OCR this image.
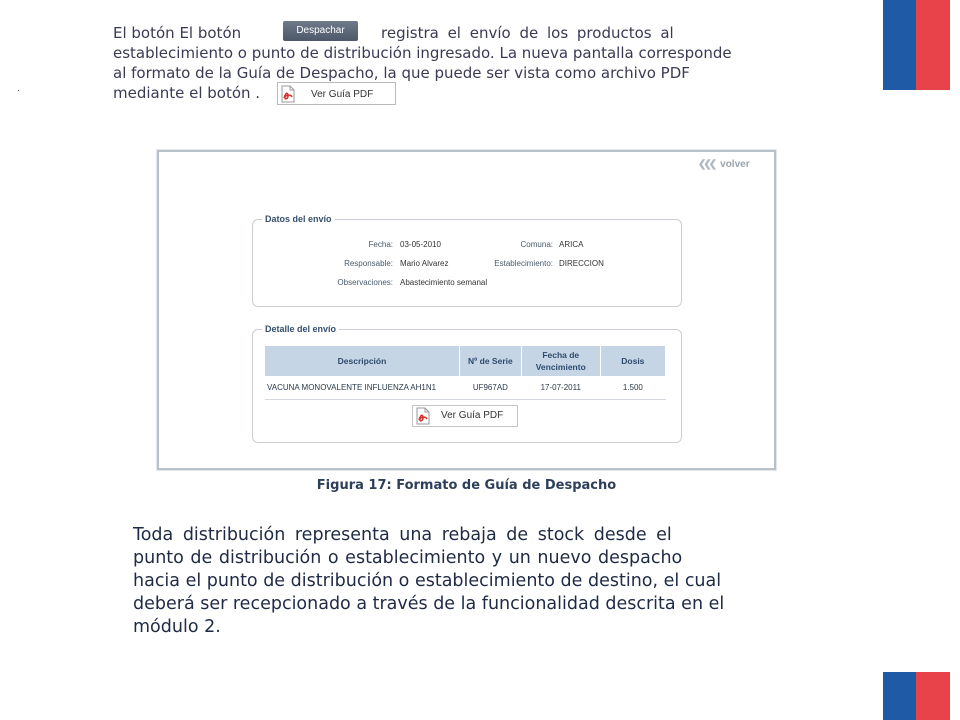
.
El botón El botón	Despachar	registra el envío de los productos al
establecimiento o punto de distribución ingresado. La nueva pantalla corresponde
al formato de la Guía de Despacho, la que puede ser vista como archivo PDF
mediante el botón .	Ver Guía PDF
❮❮❮ volver
Datos del envío
Fecha: 03-05-2010	Comuna: ARICA
Responsable: Mario Alvarez	Establecimiento: DIRECCION
Observaciones: Abastecimiento semanal
Detalle del envío
Descripción	Nº de Serie	Fecha de Vencimiento	Dosis
VACUNA MONOVALENTE INFLUENZA AH1N1	UF967AD	17-07-2011	1.500
Ver Guía PDF
Figura 17: Formato de Guía de Despacho
Toda distribución representa una rebaja de stock desde el
punto de distribución o establecimiento y un nuevo despacho
hacia el punto de distribución o establecimiento de destino, el cual
deberá ser recepcionado a través de la funcionalidad descrita en el
módulo 2.
